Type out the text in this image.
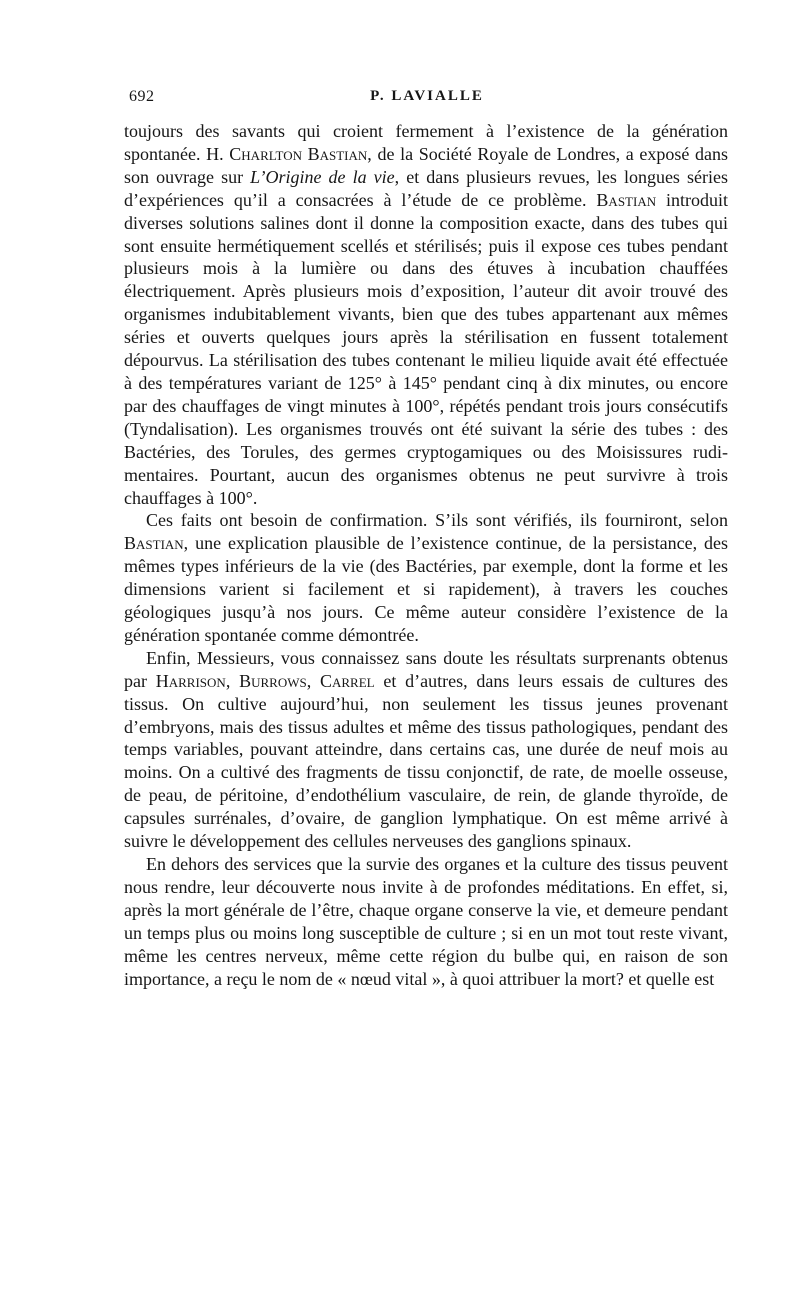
692	P. LAVIALLE

toujours des savants qui croient fermement à l’existence de la génération spontanée. H. Charlton Bastian, de la Société Royale de Londres, a exposé dans son ouvrage sur L’Origine de la vie, et dans plusieurs revues, les longues séries d’expériences qu’il a consacrées à l’étude de ce problème. Bastian introduit diverses solutions salines dont il donne la composition exacte, dans des tubes qui sont ensuite hermétiquement scellés et stérilisés; puis il expose ces tubes pendant plusieurs mois à la lumière ou dans des étuves à incubation chauffées électriquement. Après plusieurs mois d’exposition, l’auteur dit avoir trouvé des organismes indubitablement vivants, bien que des tubes appartenant aux mêmes séries et ouverts quelques jours après la stérilisation en fussent totalement dépourvus. La stérilisation des tubes contenant le milieu liquide avait été effectuée à des températures variant de 125° à 145° pendant cinq à dix minutes, ou encore par des chauffages de vingt minutes à 100°, répétés pendant trois jours consécutifs (Tyndalisation). Les organismes trouvés ont été suivant la série des tubes : des Bactéries, des Torules, des germes cryptogamiques ou des Moisissures rudimentaires. Pourtant, aucun des organismes obtenus ne peut survivre à trois chauffages à 100°.

Ces faits ont besoin de confirmation. S’ils sont vérifiés, ils fourniront, selon Bastian, une explication plausible de l’existence continue, de la persistance, des mêmes types inférieurs de la vie (des Bactéries, par exemple, dont la forme et les dimensions varient si facilement et si rapidement), à travers les couches géologiques jusqu’à nos jours. Ce même auteur considère l’existence de la génération spontanée comme démontrée.

Enfin, Messieurs, vous connaissez sans doute les résultats surprenants obtenus par Harrison, Burrows, Carrel et d’autres, dans leurs essais de cultures des tissus. On cultive aujourd’hui, non seulement les tissus jeunes provenant d’embryons, mais des tissus adultes et même des tissus pathologiques, pendant des temps variables, pouvant atteindre, dans certains cas, une durée de neuf mois au moins. On a cultivé des fragments de tissu conjonctif, de rate, de moelle osseuse, de peau, de péritoine, d’endothélium vasculaire, de rein, de glande thyroïde, de capsules surrénales, d’ovaire, de ganglion lymphatique. On est même arrivé à suivre le développement des cellules nerveuses des ganglions spinaux.

En dehors des services que la survie des organes et la culture des tissus peuvent nous rendre, leur découverte nous invite à de profondes méditations. En effet, si, après la mort générale de l’être, chaque organe conserve la vie, et demeure pendant un temps plus ou moins long susceptible de culture ; si en un mot tout reste vivant, même les centres nerveux, même cette région du bulbe qui, en raison de son importance, a reçu le nom de « nœud vital », à quoi attribuer la mort? et quelle est
